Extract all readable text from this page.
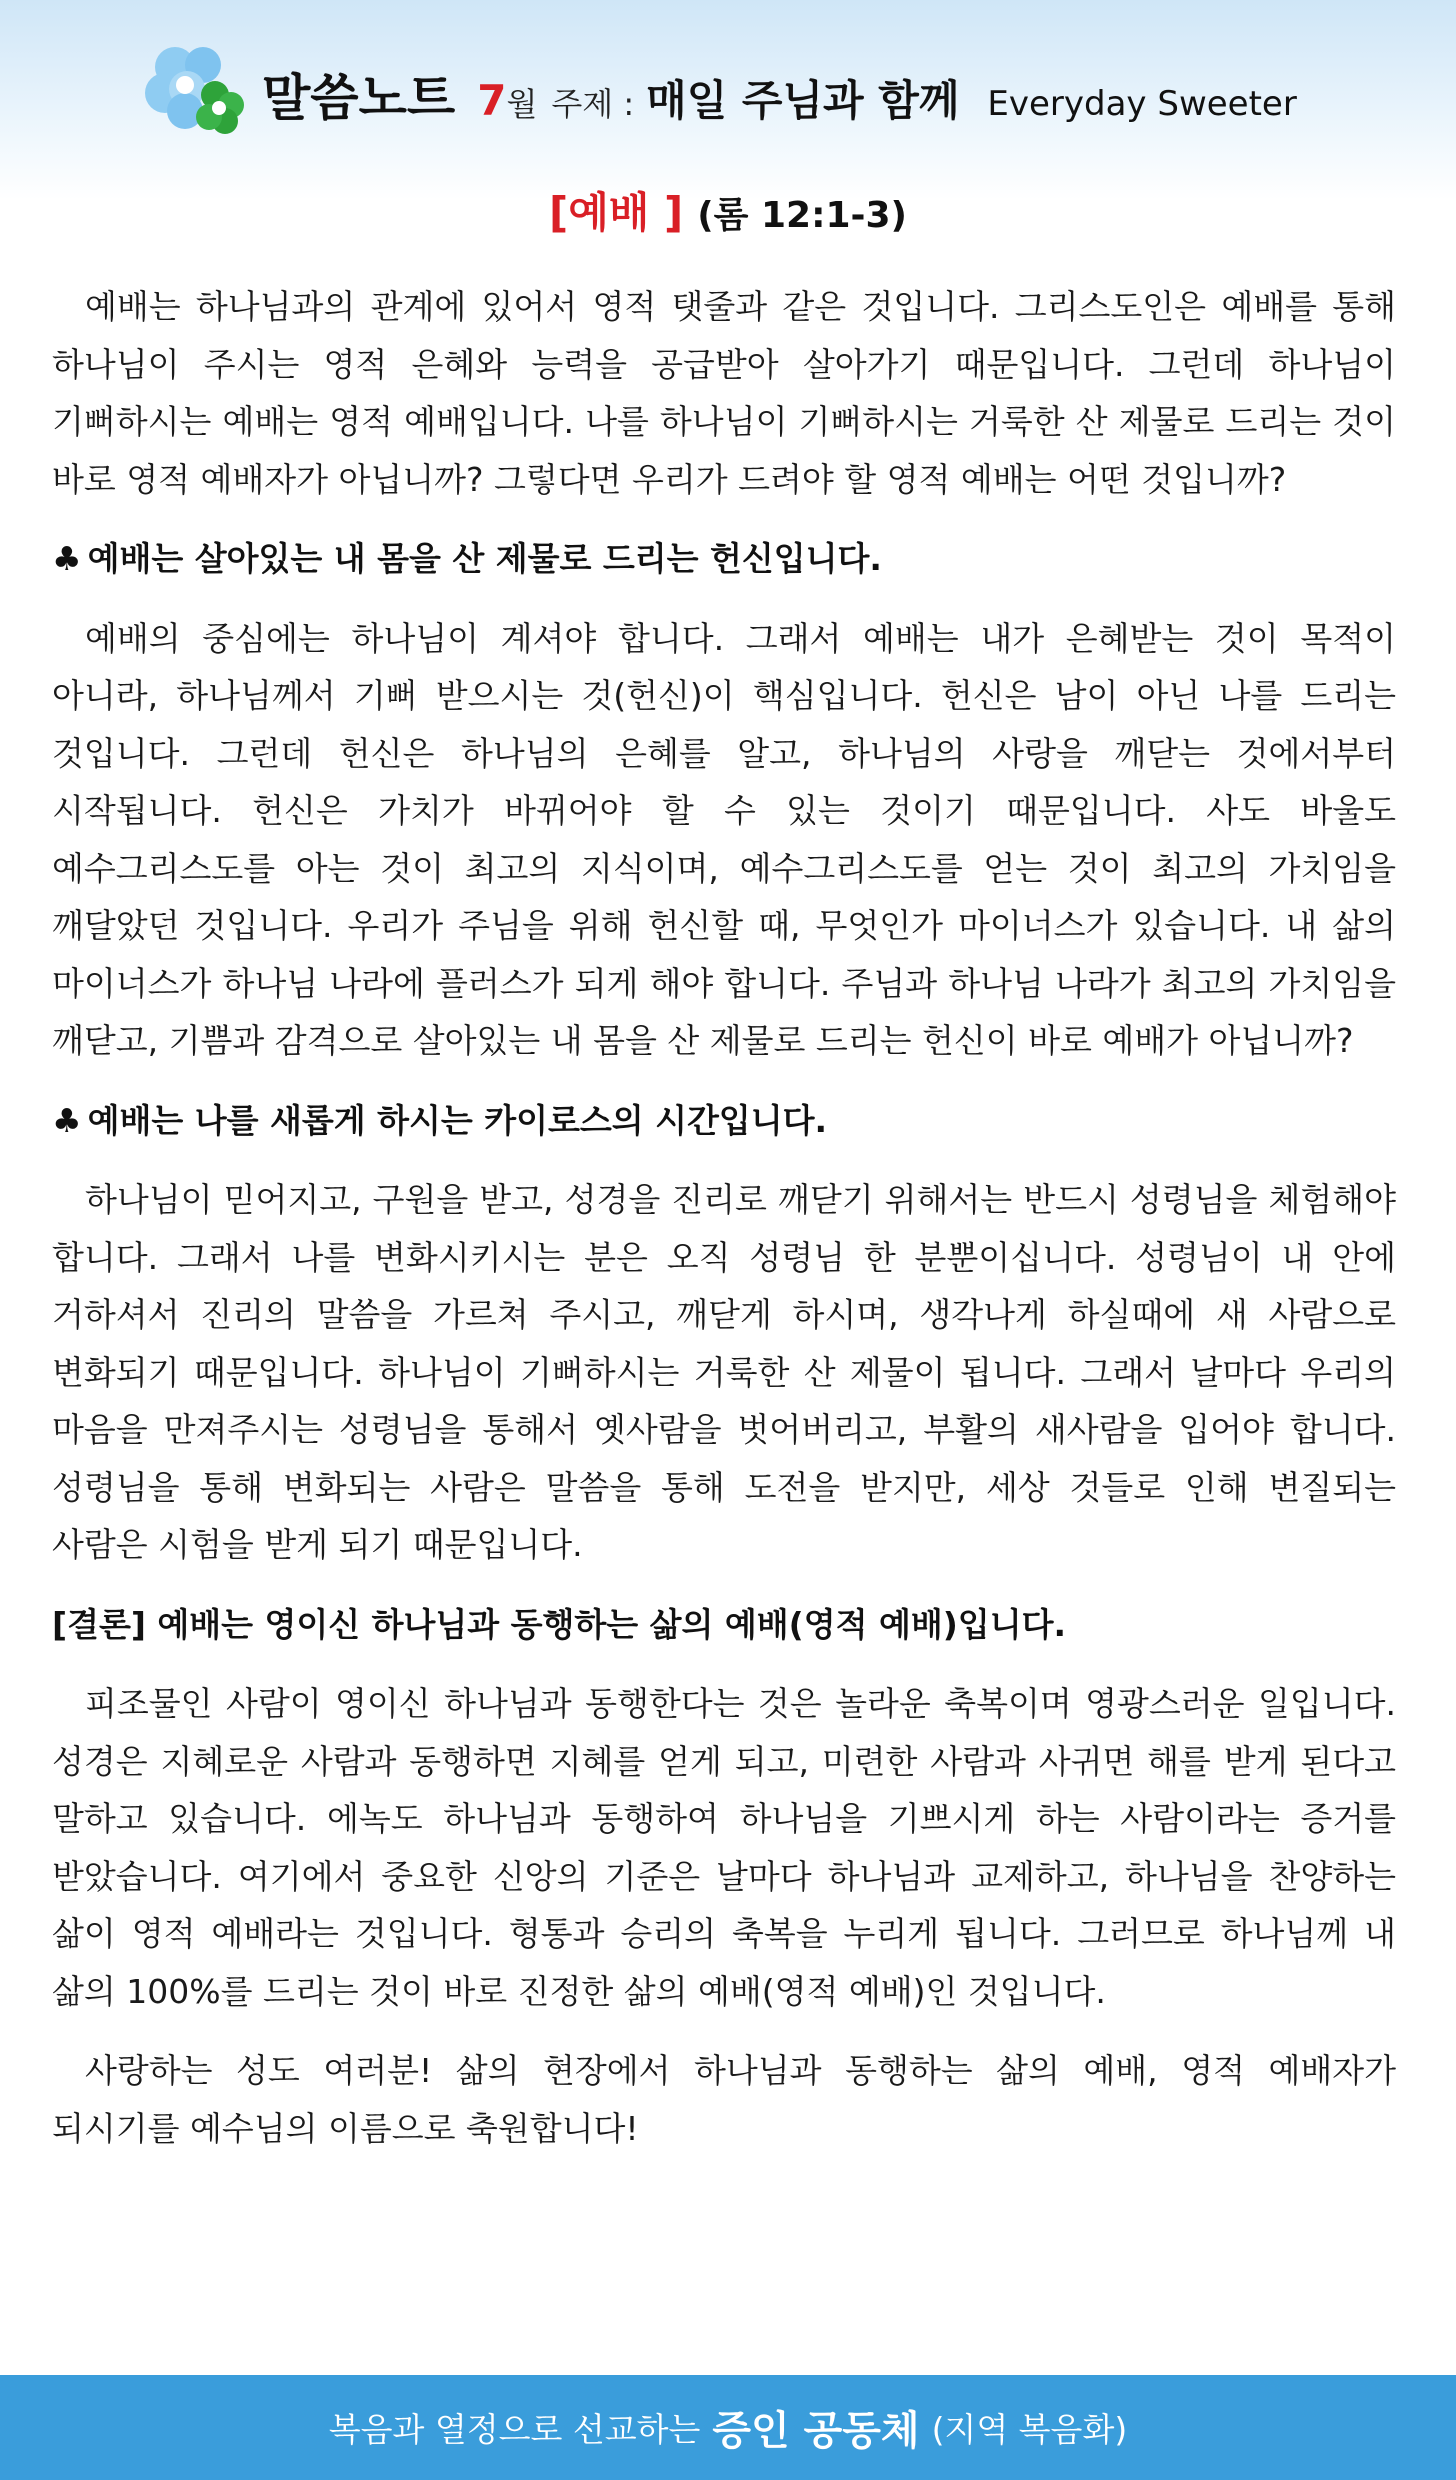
말씀노트 7 월 주제 : 매일 주님과 함께 Everyday Sweeter
[예배 ] (롬 12:1-3)

예배는 하나님과의 관계에 있어서 영적 탯줄과 같은 것입니다. 그리스도인은 예배를 통해 하나님이 주시는 영적 은혜와 능력을 공급받아 살아가기 때문입니다. 그런데 하나님이 기뻐하시는 예배는 영적 예배입니다. 나를 하나님이 기뻐하시는 거룩한 산 제물로 드리는 것이 바로 영적 예배자가 아닙니까? 그렇다면 우리가 드려야 할 영적 예배는 어떤 것입니까?

♣ 예배는 살아있는 내 몸을 산 제물로 드리는 헌신입니다.

예배의 중심에는 하나님이 계셔야 합니다. 그래서 예배는 내가 은혜받는 것이 목적이 아니라, 하나님께서 기뻐 받으시는 것(헌신)이 핵심입니다. 헌신은 남이 아닌 나를 드리는 것입니다. 그런데 헌신은 하나님의 은혜를 알고, 하나님의 사랑을 깨닫는 것에서부터 시작됩니다. 헌신은 가치가 바뀌어야 할 수 있는 것이기 때문입니다. 사도 바울도 예수그리스도를 아는 것이 최고의 지식이며, 예수그리스도를 얻는 것이 최고의 가치임을 깨달았던 것입니다. 우리가 주님을 위해 헌신할 때, 무엇인가 마이너스가 있습니다. 내 삶의 마이너스가 하나님 나라에 플러스가 되게 해야 합니다. 주님과 하나님 나라가 최고의 가치임을 깨닫고, 기쁨과 감격으로 살아있는 내 몸을 산 제물로 드리는 헌신이 바로 예배가 아닙니까?

♣ 예배는 나를 새롭게 하시는 카이로스의 시간입니다.

하나님이 믿어지고, 구원을 받고, 성경을 진리로 깨닫기 위해서는 반드시 성령님을 체험해야 합니다. 그래서 나를 변화시키시는 분은 오직 성령님 한 분뿐이십니다. 성령님이 내 안에 거하셔서 진리의 말씀을 가르쳐 주시고, 깨닫게 하시며, 생각나게 하실때에 새 사람으로 변화되기 때문입니다. 하나님이 기뻐하시는 거룩한 산 제물이 됩니다. 그래서 날마다 우리의 마음을 만져주시는 성령님을 통해서 옛사람을 벗어버리고, 부활의 새사람을 입어야 합니다. 성령님을 통해 변화되는 사람은 말씀을 통해 도전을 받지만, 세상 것들로 인해 변질되는 사람은 시험을 받게 되기 때문입니다.

[결론] 예배는 영이신 하나님과 동행하는 삶의 예배(영적 예배)입니다.

피조물인 사람이 영이신 하나님과 동행한다는 것은 놀라운 축복이며 영광스러운 일입니다. 성경은 지혜로운 사람과 동행하면 지혜를 얻게 되고, 미련한 사람과 사귀면 해를 받게 된다고 말하고 있습니다. 에녹도 하나님과 동행하여 하나님을 기쁘시게 하는 사람이라는 증거를 받았습니다. 여기에서 중요한 신앙의 기준은 날마다 하나님과 교제하고, 하나님을 찬양하는 삶이 영적 예배라는 것입니다. 형통과 승리의 축복을 누리게 됩니다. 그러므로 하나님께 내 삶의 100%를 드리는 것이 바로 진정한 삶의 예배(영적 예배)인 것입니다.

사랑하는 성도 여러분! 삶의 현장에서 하나님과 동행하는 삶의 예배, 영적 예배자가 되시기를 예수님의 이름으로 축원합니다!

복음과 열정으로 선교하는 증인 공동체 (지역 복음화)
